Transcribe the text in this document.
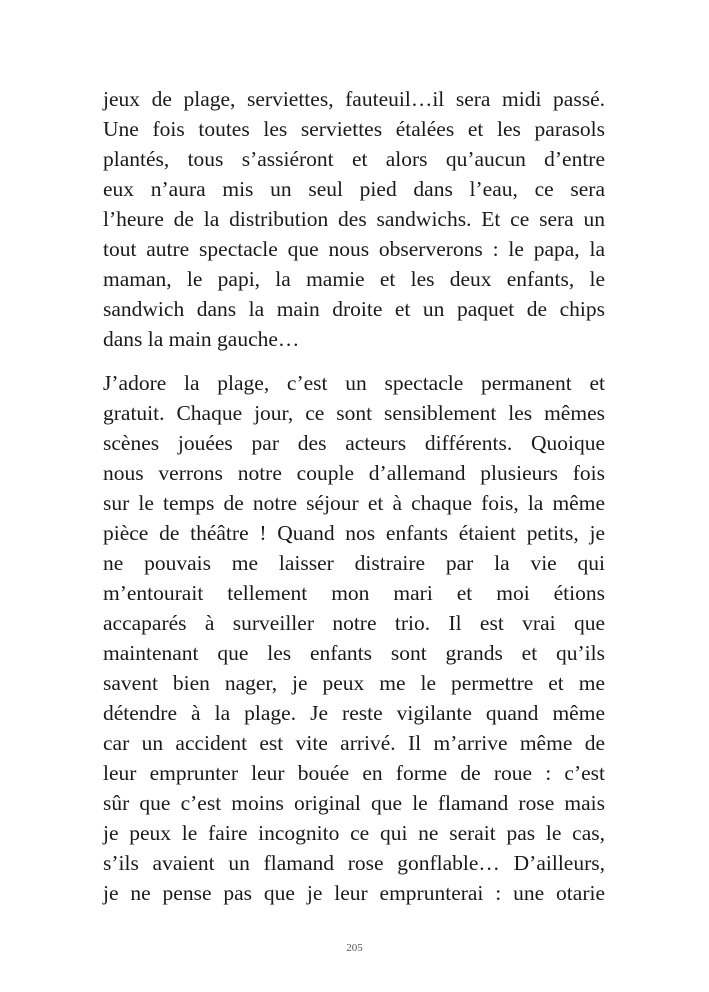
jeux de plage, serviettes, fauteuil…il sera midi passé.
Une fois toutes les serviettes étalées et les parasols
plantés, tous s’assiéront et alors qu’aucun d’entre
eux n’aura mis un seul pied dans l’eau, ce sera
l’heure de la distribution des sandwichs. Et ce sera un
tout autre spectacle que nous observerons : le papa, la
maman, le papi, la mamie et les deux enfants, le
sandwich dans la main droite et un paquet de chips
dans la main gauche…
J’adore la plage, c’est un spectacle permanent et
gratuit. Chaque jour, ce sont sensiblement les mêmes
scènes jouées par des acteurs différents. Quoique
nous verrons notre couple d’allemand plusieurs fois
sur le temps de notre séjour et à chaque fois, la même
pièce de théâtre ! Quand nos enfants étaient petits, je
ne pouvais me laisser distraire par la vie qui
m’entourait tellement mon mari et moi étions
accaparés à surveiller notre trio. Il est vrai que
maintenant que les enfants sont grands et qu’ils
savent bien nager, je peux me le permettre et me
détendre à la plage. Je reste vigilante quand même
car un accident est vite arrivé. Il m’arrive même de
leur emprunter leur bouée en forme de roue : c’est
sûr que c’est moins original que le flamand rose mais
je peux le faire incognito ce qui ne serait pas le cas,
s’ils avaient un flamand rose gonflable… D’ailleurs,
je ne pense pas que je leur emprunterai : une otarie
205
